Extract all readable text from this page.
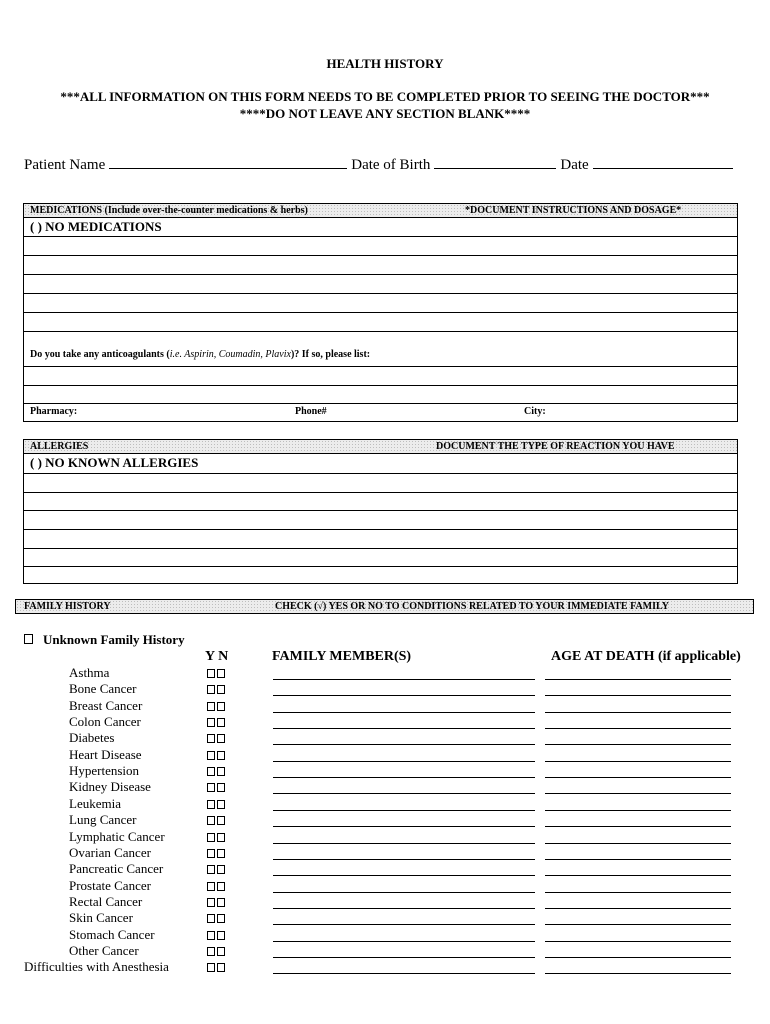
HEALTH HISTORY
***ALL INFORMATION ON THIS FORM NEEDS TO BE COMPLETED PRIOR TO SEEING THE DOCTOR***
****DO NOT LEAVE ANY SECTION BLANK****
Patient Name	Date of Birth	Date
MEDICATIONS (Include over-the-counter medications & herbs)	*DOCUMENT INSTRUCTIONS AND DOSAGE*
( ) NO MEDICATIONS
Do you take any anticoagulants (i.e. Aspirin, Coumadin, Plavix)? If so, please list:
Pharmacy:	Phone#	City:
ALLERGIES	DOCUMENT THE TYPE OF REACTION YOU HAVE
( ) NO KNOWN ALLERGIES
FAMILY HISTORY	CHECK (√) YES OR NO TO CONDITIONS RELATED TO YOUR IMMEDIATE FAMILY
Unknown Family History
Y N	FAMILY MEMBER(S)	AGE AT DEATH (if applicable)
Asthma
Bone Cancer
Breast Cancer
Colon Cancer
Diabetes
Heart Disease
Hypertension
Kidney Disease
Leukemia
Lung Cancer
Lymphatic Cancer
Ovarian Cancer
Pancreatic Cancer
Prostate Cancer
Rectal Cancer
Skin Cancer
Stomach Cancer
Other Cancer
Difficulties with Anesthesia
